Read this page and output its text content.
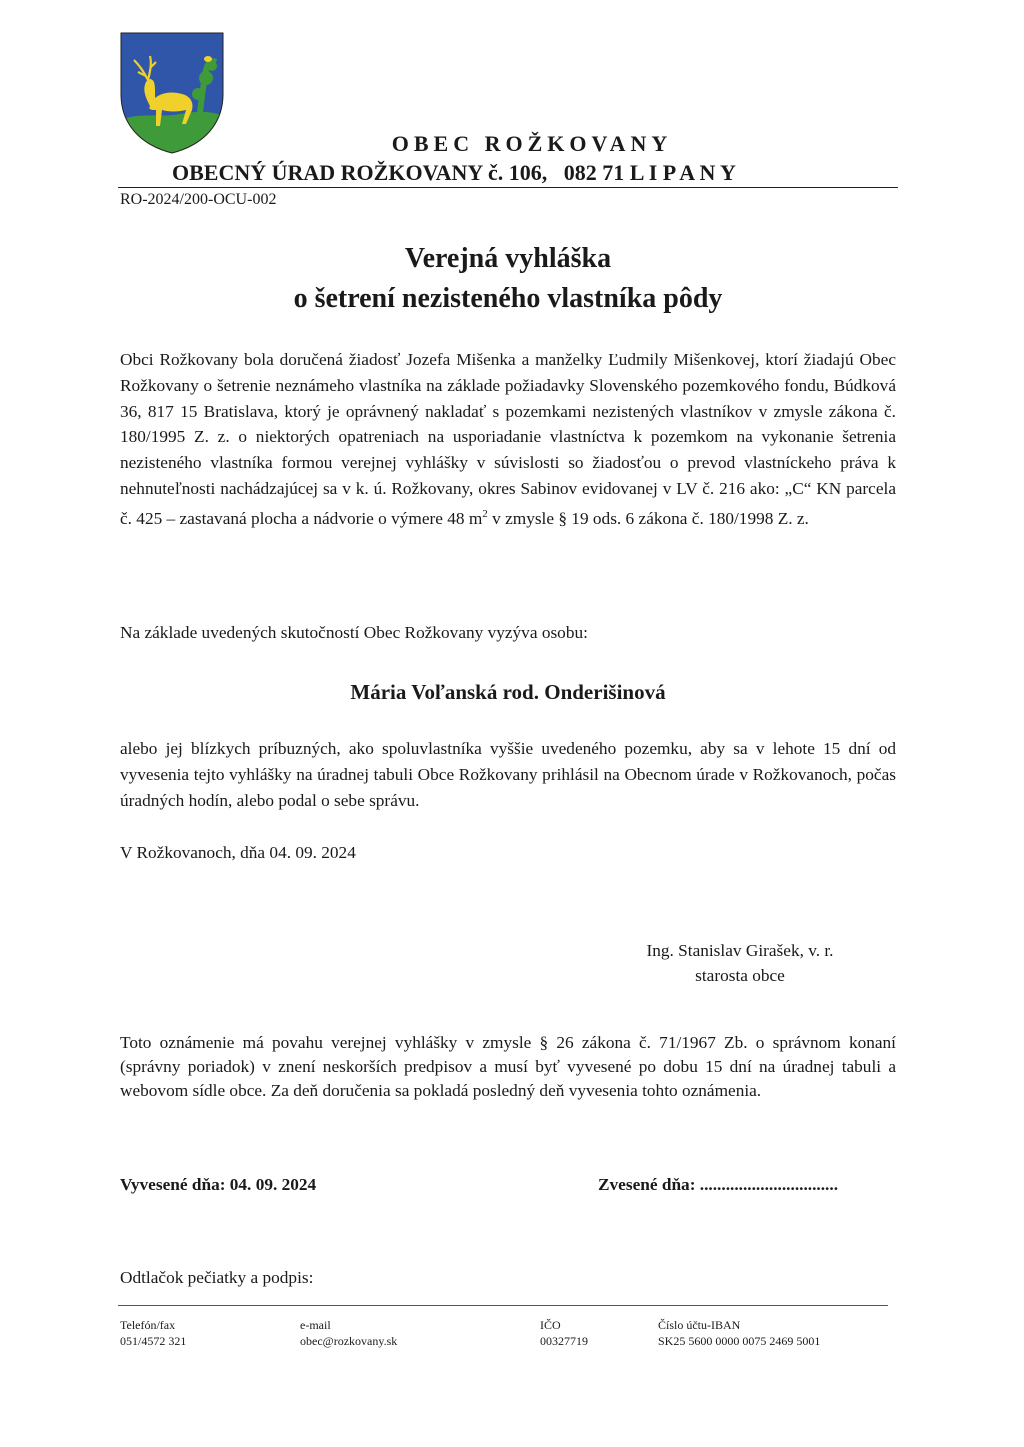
OBEC ROŽKOVANY
OBECNÝ ÚRAD ROŽKOVANY č. 106,   082 71 L I P A N Y
RO-2024/200-OCU-002
Verejná vyhláška
o šetrení nezisteného vlastníka pôdy

Obci Rožkovany bola doručená žiadosť Jozefa Mišenka a manželky Ľudmily Mišenkovej, ktorí žiadajú Obec Rožkovany o šetrenie neznámeho vlastníka na základe požiadavky Slovenského pozemkového fondu, Búdková 36, 817 15 Bratislava, ktorý je oprávnený nakladať s pozemkami nezistených vlastníkov v zmysle zákona č. 180/1995 Z. z. o niektorých opatreniach na usporiadanie vlastníctva k pozemkom na vykonanie šetrenia nezisteného vlastníka formou verejnej vyhlášky v súvislosti so žiadosťou o prevod vlastníckeho práva k nehnuteľnosti nachádzajúcej sa v k. ú. Rožkovany, okres Sabinov evidovanej v LV č. 216 ako: „C“ KN parcela č. 425 – zastavaná plocha a nádvorie o výmere 48 $m^2$ v zmysle § 19 ods. 6 zákona č. 180/1998 Z. z.

Na základe uvedených skutočností Obec Rožkovany vyzýva osobu:

Mária Voľanská rod. Onderišinová

alebo jej blízkych príbuzných, ako spoluvlastníka vyššie uvedeného pozemku, aby sa v lehote 15 dní od vyvesenia tejto vyhlášky na úradnej tabuli Obce Rožkovany prihlásil na Obecnom úrade v Rožkovanoch, počas úradných hodín, alebo podal o sebe správu.

V Rožkovanoch, dňa 04. 09. 2024
Ing. Stanislav Girašek, v. r.
starosta obce

Toto oznámenie má povahu verejnej vyhlášky v zmysle § 26 zákona č. 71/1967 Zb. o správnom konaní (správny poriadok) v znení neskorších predpisov a musí byť vyvesené po dobu 15 dní na úradnej tabuli a webovom sídle obce. Za deň doručenia sa pokladá posledný deň vyvesenia tohto oznámenia.

Vyvesené dňa: 04. 09. 2024	Zvesené dňa: ................................
Odtlačok pečiatky a podpis:
Telefón/fax
051/4572 321
e-mail
obec@rozkovany.sk
IČO
00327719
Číslo účtu-IBAN
SK25 5600 0000 0075 2469 5001
